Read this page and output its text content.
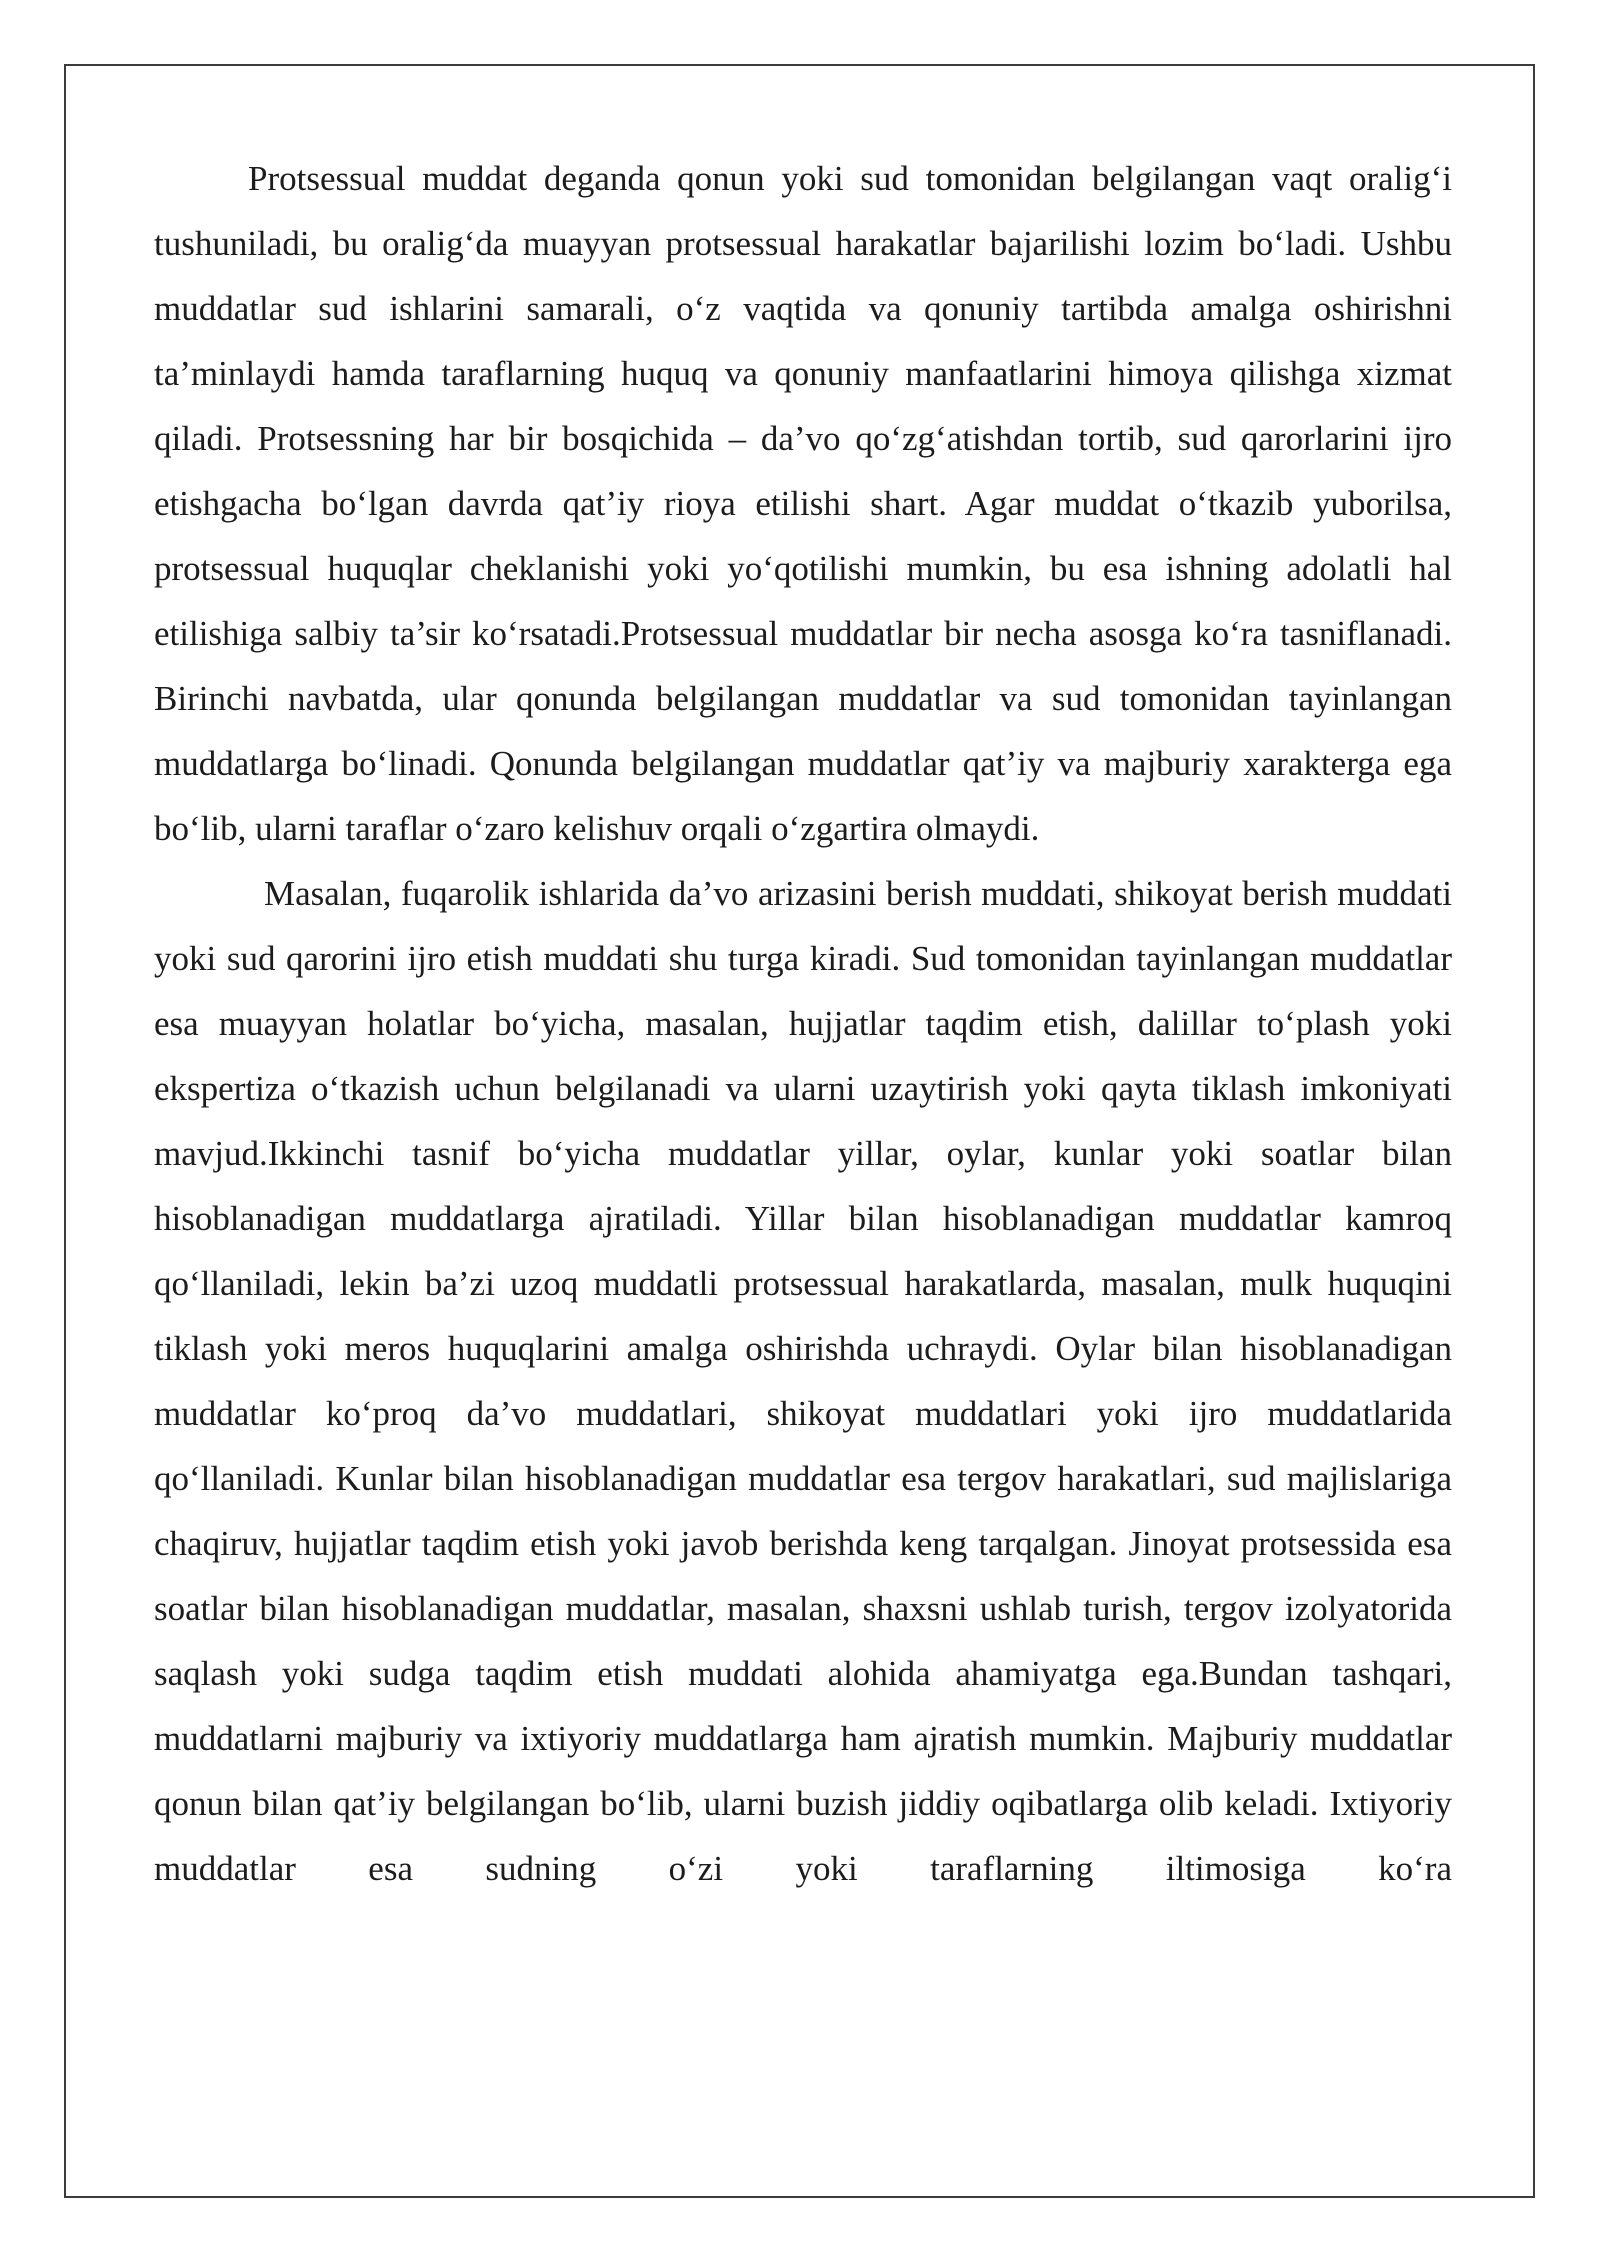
Protsessual muddat deganda qonun yoki sud tomonidan belgilangan vaqt oralig‘i tushuniladi, bu oralig‘da muayyan protsessual harakatlar bajarilishi lozim bo‘ladi. Ushbu muddatlar sud ishlarini samarali, o‘z vaqtida va qonuniy tartibda amalga oshirishni ta’minlaydi hamda taraflarning huquq va qonuniy manfaatlarini himoya qilishga xizmat qiladi. Protsessning har bir bosqichida – da’vo qo‘zg‘atishdan tortib, sud qarorlarini ijro etishgacha bo‘lgan davrda qat’iy rioya etilishi shart. Agar muddat o‘tkazib yuborilsa, protsessual huquqlar cheklanishi yoki yo‘qotilishi mumkin, bu esa ishning adolatli hal etilishiga salbiy ta’sir ko‘rsatadi.Protsessual muddatlar bir necha asosga ko‘ra tasniflanadi. Birinchi navbatda, ular qonunda belgilangan muddatlar va sud tomonidan tayinlangan muddatlarga bo‘linadi. Qonunda belgilangan muddatlar qat’iy va majburiy xarakterga ega bo‘lib, ularni taraflar o‘zaro kelishuv orqali o‘zgartira olmaydi.

Masalan, fuqarolik ishlarida da’vo arizasini berish muddati, shikoyat berish muddati yoki sud qarorini ijro etish muddati shu turga kiradi. Sud tomonidan tayinlangan muddatlar esa muayyan holatlar bo‘yicha, masalan, hujjatlar taqdim etish, dalillar to‘plash yoki ekspertiza o‘tkazish uchun belgilanadi va ularni uzaytirish yoki qayta tiklash imkoniyati mavjud.Ikkinchi tasnif bo‘yicha muddatlar yillar, oylar, kunlar yoki soatlar bilan hisoblanadigan muddatlarga ajratiladi. Yillar bilan hisoblanadigan muddatlar kamroq qo‘llaniladi, lekin ba’zi uzoq muddatli protsessual harakatlarda, masalan, mulk huquqini tiklash yoki meros huquqlarini amalga oshirishda uchraydi. Oylar bilan hisoblanadigan muddatlar ko‘proq da’vo muddatlari, shikoyat muddatlari yoki ijro muddatlarida qo‘llaniladi. Kunlar bilan hisoblanadigan muddatlar esa tergov harakatlari, sud majlislariga chaqiruv, hujjatlar taqdim etish yoki javob berishda keng tarqalgan. Jinoyat protsessida esa soatlar bilan hisoblanadigan muddatlar, masalan, shaxsni ushlab turish, tergov izolyatorida saqlash yoki sudga taqdim etish muddati alohida ahamiyatga ega.Bundan tashqari, muddatlarni majburiy va ixtiyoriy muddatlarga ham ajratish mumkin. Majburiy muddatlar qonun bilan qat’iy belgilangan bo‘lib, ularni buzish jiddiy oqibatlarga olib keladi. Ixtiyoriy muddatlar esa sudning o‘zi yoki taraflarning iltimosiga ko‘ra
